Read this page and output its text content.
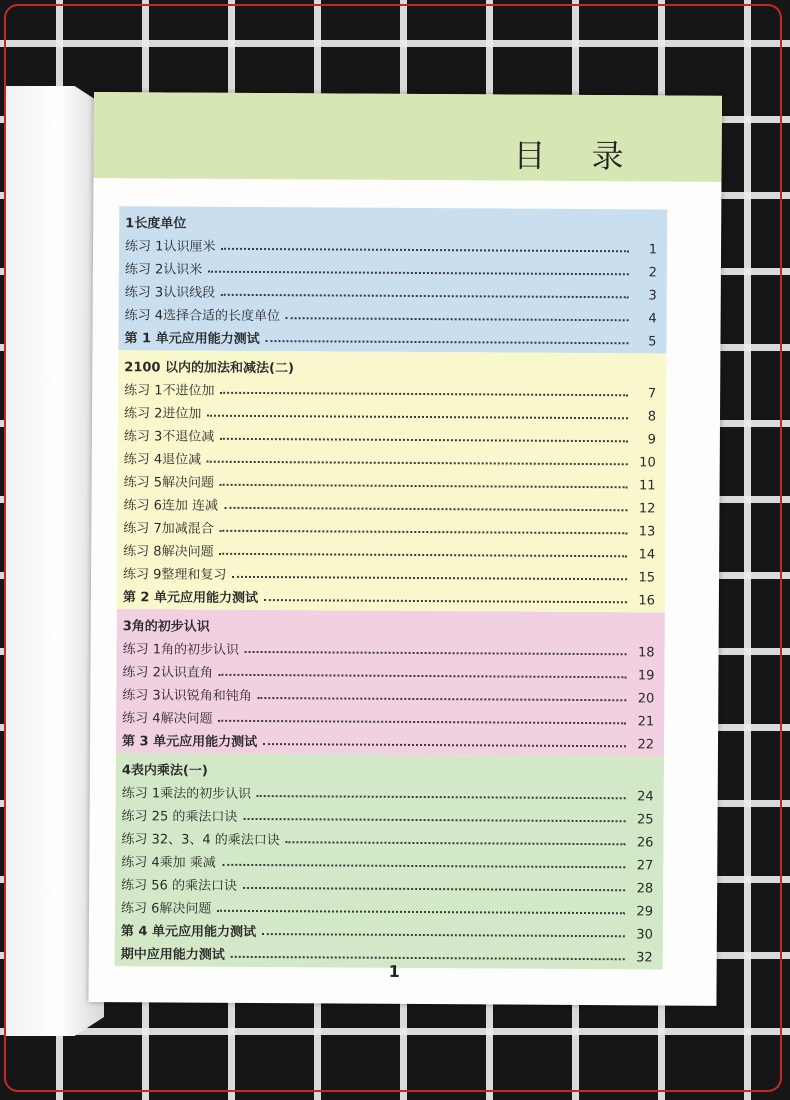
目 录
1 长度单位
练习 1 认识厘米	1
练习 2 认识米	2
练习 3 认识线段	3
练习 4 选择合适的长度单位	4
第 1 单元应用能力测试	5
2 100 以内的加法和减法(二)
练习 1 不进位加	7
练习 2 进位加	8
练习 3 不退位减	9
练习 4 退位减	10
练习 5 解决问题	11
练习 6 连加 连减	12
练习 7 加减混合	13
练习 8 解决问题	14
练习 9 整理和复习	15
第 2 单元应用能力测试	16
3 角的初步认识
练习 1 角的初步认识	18
练习 2 认识直角	19
练习 3 认识锐角和钝角	20
练习 4 解决问题	21
第 3 单元应用能力测试	22
4 表内乘法(一)
练习 1 乘法的初步认识	24
练习 2 5 的乘法口诀	25
练习 3 2、3、4 的乘法口诀	26
练习 4 乘加 乘减	27
练习 5 6 的乘法口诀	28
练习 6 解决问题	29
第 4 单元应用能力测试	30
期中应用能力测试	32
1
